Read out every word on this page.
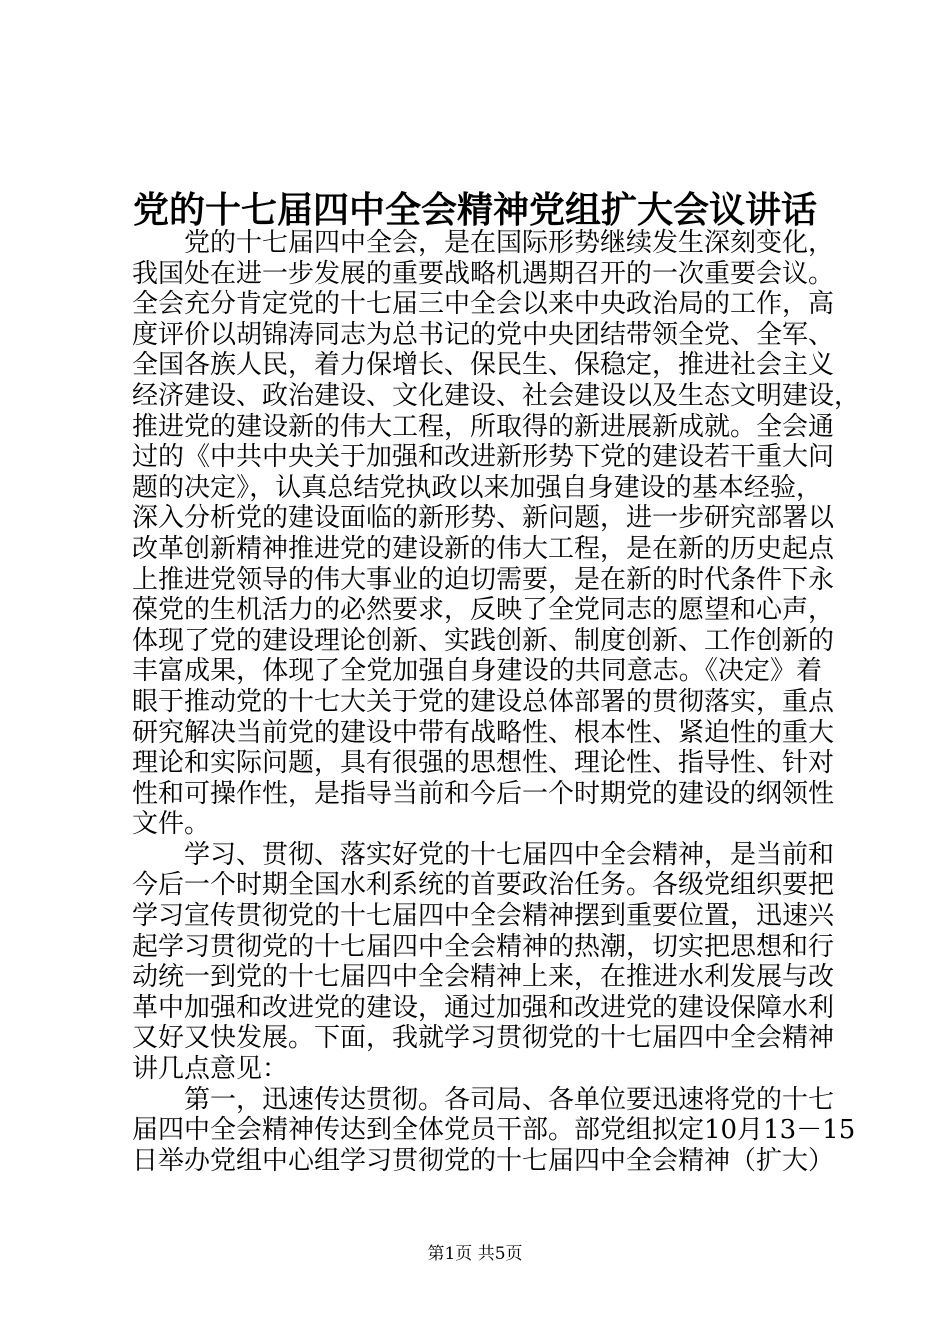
党的十七届四中全会精神党组扩大会议讲话
党的十七届四中全会，是在国际形势继续发生深刻变化，
我国处在进一步发展的重要战略机遇期召开的一次重要会议。
全会充分肯定党的十七届三中全会以来中央政治局的工作，高
度评价以胡锦涛同志为总书记的党中央团结带领全党、全军、
全国各族人民，着力保增长、保民生、保稳定，推进社会主义
经济建设、政治建设、文化建设、社会建设以及生态文明建设，
推进党的建设新的伟大工程，所取得的新进展新成就。全会通
过的《中共中央关于加强和改进新形势下党的建设若干重大问
题的决定》，认真总结党执政以来加强自身建设的基本经验，
深入分析党的建设面临的新形势、新问题，进一步研究部署以
改革创新精神推进党的建设新的伟大工程，是在新的历史起点
上推进党领导的伟大事业的迫切需要，是在新的时代条件下永
葆党的生机活力的必然要求，反映了全党同志的愿望和心声，
体现了党的建设理论创新、实践创新、制度创新、工作创新的
丰富成果，体现了全党加强自身建设的共同意志。《决定》着
眼于推动党的十七大关于党的建设总体部署的贯彻落实，重点
研究解决当前党的建设中带有战略性、根本性、紧迫性的重大
理论和实际问题，具有很强的思想性、理论性、指导性、针对
性和可操作性，是指导当前和今后一个时期党的建设的纲领性
文件。
学习、贯彻、落实好党的十七届四中全会精神，是当前和
今后一个时期全国水利系统的首要政治任务。各级党组织要把
学习宣传贯彻党的十七届四中全会精神摆到重要位置，迅速兴
起学习贯彻党的十七届四中全会精神的热潮，切实把思想和行
动统一到党的十七届四中全会精神上来，在推进水利发展与改
革中加强和改进党的建设，通过加强和改进党的建设保障水利
又好又快发展。下面，我就学习贯彻党的十七届四中全会精神
讲几点意见：
第一，迅速传达贯彻。各司局、各单位要迅速将党的十七
届四中全会精神传达到全体党员干部。部党组拟定10月13－15
日举办党组中心组学习贯彻党的十七届四中全会精神（扩大）
第1页 共5页
